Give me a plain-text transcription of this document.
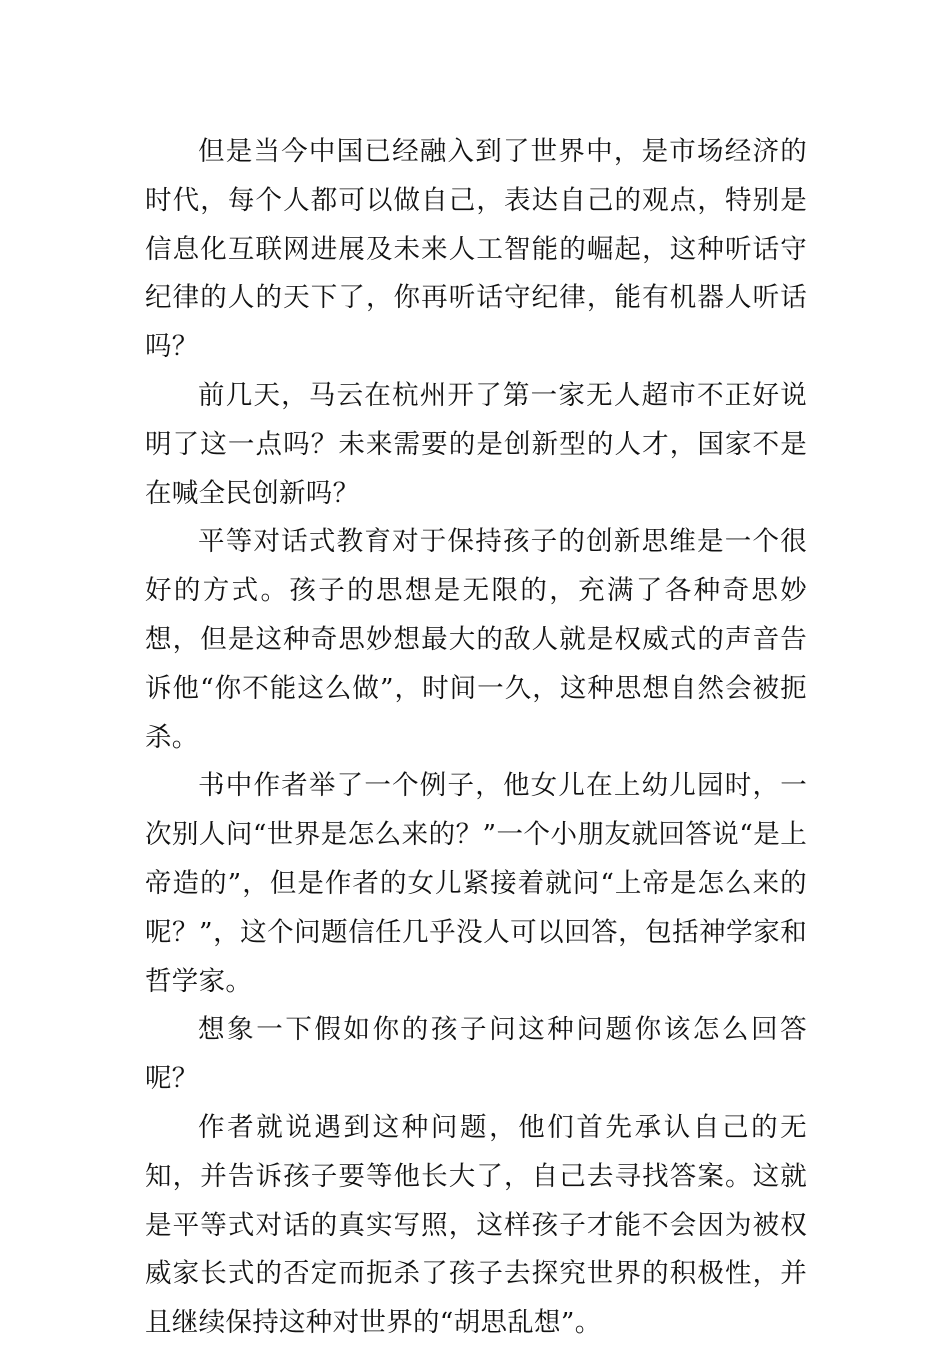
但是当今中国已经融入到了世界中，是市场经济的时代，每个人都可以做自己，表达自己的观点，特别是信息化互联网进展及未来人工智能的崛起，这种听话守纪律的人的天下了，你再听话守纪律，能有机器人听话吗？

前几天，马云在杭州开了第一家无人超市不正好说明了这一点吗？未来需要的是创新型的人才，国家不是在喊全民创新吗？

平等对话式教育对于保持孩子的创新思维是一个很好的方式。孩子的思想是无限的，充满了各种奇思妙想，但是这种奇思妙想最大的敌人就是权威式的声音告诉他“你不能这么做”，时间一久，这种思想自然会被扼杀。

书中作者举了一个例子，他女儿在上幼儿园时，一次别人问“世界是怎么来的？”一个小朋友就回答说“是上帝造的”，但是作者的女儿紧接着就问“上帝是怎么来的呢？”，这个问题信任几乎没人可以回答，包括神学家和哲学家。

想象一下假如你的孩子问这种问题你该怎么回答呢？

作者就说遇到这种问题，他们首先承认自己的无知，并告诉孩子要等他长大了，自己去寻找答案。这就是平等式对话的真实写照，这样孩子才能不会因为被权威家长式的否定而扼杀了孩子去探究世界的积极性，并且继续保持这种对世界的“胡思乱想”。
